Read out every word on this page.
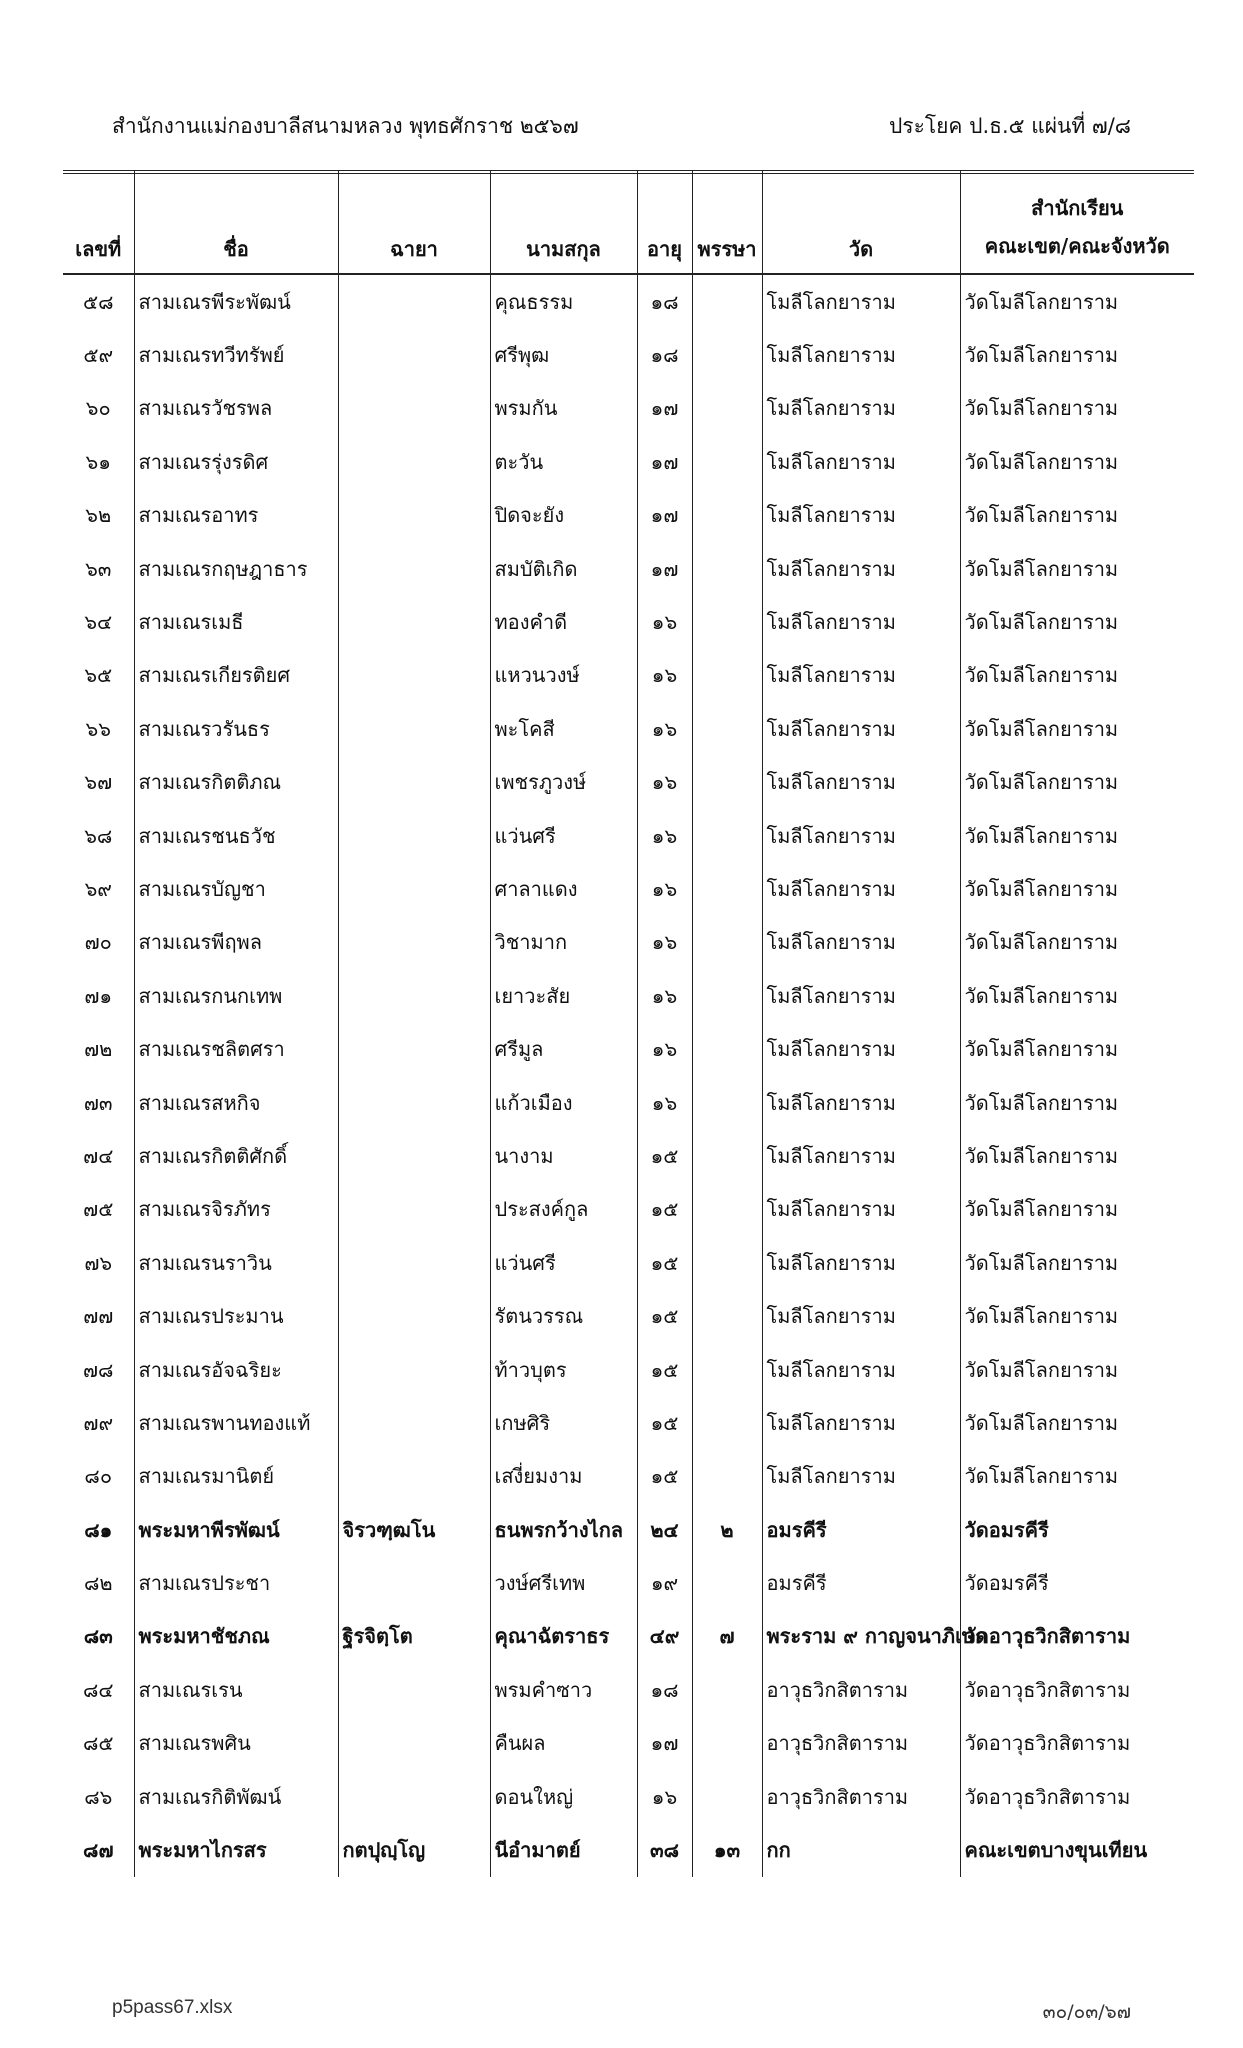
สำนักงานแม่กองบาลีสนามหลวง พุทธศักราช ๒๕๖๗	ประโยค ป.ธ.๕ แผ่นที่ ๗/๘
เลขที่	ชื่อ	ฉายา	นามสกุล	อายุ	พรรษา	วัด	สำนักเรียน
คณะเขต/คณะจังหวัด

๕๘	สามเณรพีระพัฒน์		คุณธรรม	๑๘		โมลีโลกยาราม	วัดโมลีโลกยาราม
๕๙	สามเณรทวีทรัพย์		ศรีพุฒ	๑๘		โมลีโลกยาราม	วัดโมลีโลกยาราม
๖๐	สามเณรวัชรพล		พรมกัน	๑๗		โมลีโลกยาราม	วัดโมลีโลกยาราม
๖๑	สามเณรรุ่งรดิศ		ตะวัน	๑๗		โมลีโลกยาราม	วัดโมลีโลกยาราม
๖๒	สามเณรอาทร		ปิดจะยัง	๑๗		โมลีโลกยาราม	วัดโมลีโลกยาราม
๖๓	สามเณรกฤษฎาธาร		สมบัติเกิด	๑๗		โมลีโลกยาราม	วัดโมลีโลกยาราม
๖๔	สามเณรเมธี		ทองคำดี	๑๖		โมลีโลกยาราม	วัดโมลีโลกยาราม
๖๕	สามเณรเกียรติยศ		แหวนวงษ์	๑๖		โมลีโลกยาราม	วัดโมลีโลกยาราม
๖๖	สามเณรวรันธร		พะโคสี	๑๖		โมลีโลกยาราม	วัดโมลีโลกยาราม
๖๗	สามเณรกิตติภณ		เพชรภูวงษ์	๑๖		โมลีโลกยาราม	วัดโมลีโลกยาราม
๖๘	สามเณรชนธวัช		แว่นศรี	๑๖		โมลีโลกยาราม	วัดโมลีโลกยาราม
๖๙	สามเณรบัญชา		ศาลาแดง	๑๖		โมลีโลกยาราม	วัดโมลีโลกยาราม
๗๐	สามเณรพีฤพล		วิชามาก	๑๖		โมลีโลกยาราม	วัดโมลีโลกยาราม
๗๑	สามเณรกนกเทพ		เยาวะสัย	๑๖		โมลีโลกยาราม	วัดโมลีโลกยาราม
๗๒	สามเณรชลิตศรา		ศรีมูล	๑๖		โมลีโลกยาราม	วัดโมลีโลกยาราม
๗๓	สามเณรสหกิจ		แก้วเมือง	๑๖		โมลีโลกยาราม	วัดโมลีโลกยาราม
๗๔	สามเณรกิตติศักดิ์		นางาม	๑๕		โมลีโลกยาราม	วัดโมลีโลกยาราม
๗๕	สามเณรจิรภัทร		ประสงค์กูล	๑๕		โมลีโลกยาราม	วัดโมลีโลกยาราม
๗๖	สามเณรนราวิน		แว่นศรี	๑๕		โมลีโลกยาราม	วัดโมลีโลกยาราม
๗๗	สามเณรประมาน		รัตนวรรณ	๑๕		โมลีโลกยาราม	วัดโมลีโลกยาราม
๗๘	สามเณรอัจฉริยะ		ท้าวบุตร	๑๕		โมลีโลกยาราม	วัดโมลีโลกยาราม
๗๙	สามเณรพานทองแท้		เกษศิริ	๑๕		โมลีโลกยาราม	วัดโมลีโลกยาราม
๘๐	สามเณรมานิตย์		เสงี่ยมงาม	๑๕		โมลีโลกยาราม	วัดโมลีโลกยาราม
๘๑	พระมหาพีรพัฒน์	จิรวฑฺฒโน	ธนพรกว้างไกล	๒๔	๒	อมรคีรี	วัดอมรคีรี
๘๒	สามเณรประชา		วงษ์ศรีเทพ	๑๙		อมรคีรี	วัดอมรคีรี
๘๓	พระมหาชัชภณ	ฐิรจิตฺโต	คุณาฉัตราธร	๔๙	๗	พระราม ๙ กาญจนาภิเษก	วัดอาวุธวิกสิตาราม
๘๔	สามเณรเรน		พรมคำซาว	๑๘		อาวุธวิกสิตาราม	วัดอาวุธวิกสิตาราม
๘๕	สามเณรพศิน		คืนผล	๑๗		อาวุธวิกสิตาราม	วัดอาวุธวิกสิตาราม
๘๖	สามเณรกิติพัฒน์		ดอนใหญ่	๑๖		อาวุธวิกสิตาราม	วัดอาวุธวิกสิตาราม
๘๗	พระมหาไกรสร	กตปุญฺโญ	นีอำมาตย์	๓๘	๑๓	กก	คณะเขตบางขุนเทียน
p5pass67.xlsx	๓๐/๐๓/๖๗
